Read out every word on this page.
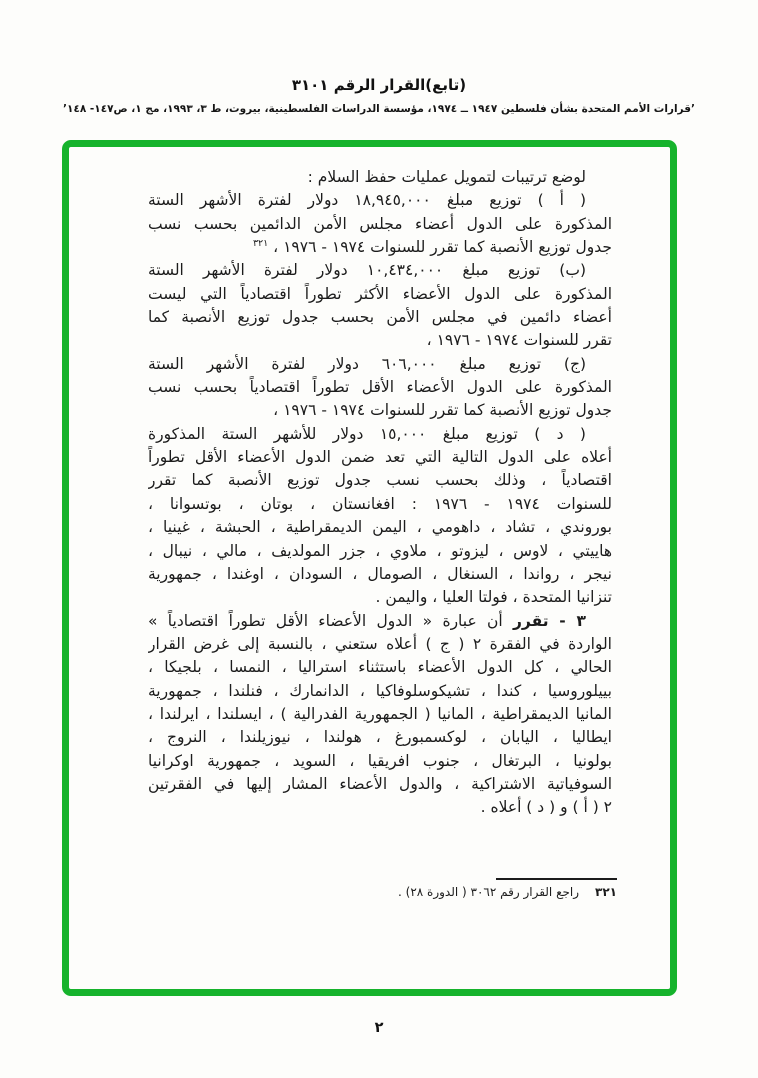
(تابع)القرار الرقم ٣١٠١
’قرارات الأمم المتحدة بشأن فلسطين ١٩٤٧ ــ ١٩٧٤، مؤسسة الدراسات الفلسطينية، بيروت، ط ٣، ١٩٩٣، مج ١، ص١٤٧- ١٤٨’
لوضع ترتيبات لتمويل عمليات حفظ السلام :
( أ ) توزيع مبلغ ١٨,٩٤٥,٠٠٠ دولار لفترة الأشهر الستة
المذكورة على الدول أعضاء مجلس الأمن الدائمين بحسب نسب
جدول توزيع الأنصبة كما تقرر للسنوات ١٩٧٤ - ١٩٧٦ ، $^{٣٢١}$
(ب) توزيع مبلغ ١٠,٤٣٤,٠٠٠ دولار لفترة الأشهر الستة
المذكورة على الدول الأعضاء الأكثر تطوراً اقتصادياً التي ليست
أعضاء دائمين في مجلس الأمن بحسب جدول توزيع الأنصبة كما
تقرر للسنوات ١٩٧٤ - ١٩٧٦ ،
(ج) توزيع مبلغ ٦٠٦,٠٠٠ دولار لفترة الأشهر الستة
المذكورة على الدول الأعضاء الأقل تطوراً اقتصادياً بحسب نسب
جدول توزيع الأنصبة كما تقرر للسنوات ١٩٧٤ - ١٩٧٦ ،
( د ) توزيع مبلغ ١٥,٠٠٠ دولار للأشهر الستة المذكورة
أعلاه على الدول التالية التي تعد ضمن الدول الأعضاء الأقل تطوراً
اقتصادياً ، وذلك بحسب نسب جدول توزيع الأنصبة كما تقرر
للسنوات ١٩٧٤ - ١٩٧٦ : افغانستان ، بوتان ، بوتسوانا ،
بوروندي ، تشاد ، داهومي ، اليمن الديمقراطية ، الحبشة ، غينيا ،
هاييتي ، لاوس ، ليزوتو ، ملاوي ، جزر المولديف ، مالي ، نيبال ،
نيجر ، رواندا ، السنغال ، الصومال ، السودان ، اوغندا ، جمهورية
تنزانيا المتحدة ، فولتا العليا ، واليمن .
٣ - تقرر أن عبارة « الدول الأعضاء الأقل تطوراً اقتصادياً »
الواردة في الفقرة ٢ ( ج ) أعلاه ستعني ، بالنسبة إلى غرض القرار
الحالي ، كل الدول الأعضاء باستثناء استراليا ، النمسا ، بلجيكا ،
بييلوروسيا ، كندا ، تشيكوسلوفاكيا ، الدانمارك ، فنلندا ، جمهورية
المانيا الديمقراطية ، المانيا ( الجمهورية الفدرالية ) ، ايسلندا ، ايرلندا ،
ايطاليا ، اليابان ، لوكسمبورغ ، هولندا ، نيوزيلندا ، النروج ،
بولونيا ، البرتغال ، جنوب افريقيا ، السويد ، جمهورية اوكرانيا
السوفياتية الاشتراكية ، والدول الأعضاء المشار إليها في الفقرتين
٢ ( أ ) و ( د ) أعلاه .
٣٢١راجع القرار رقم ٣٠٦٢ ( الدورة ٢٨) .
٢
